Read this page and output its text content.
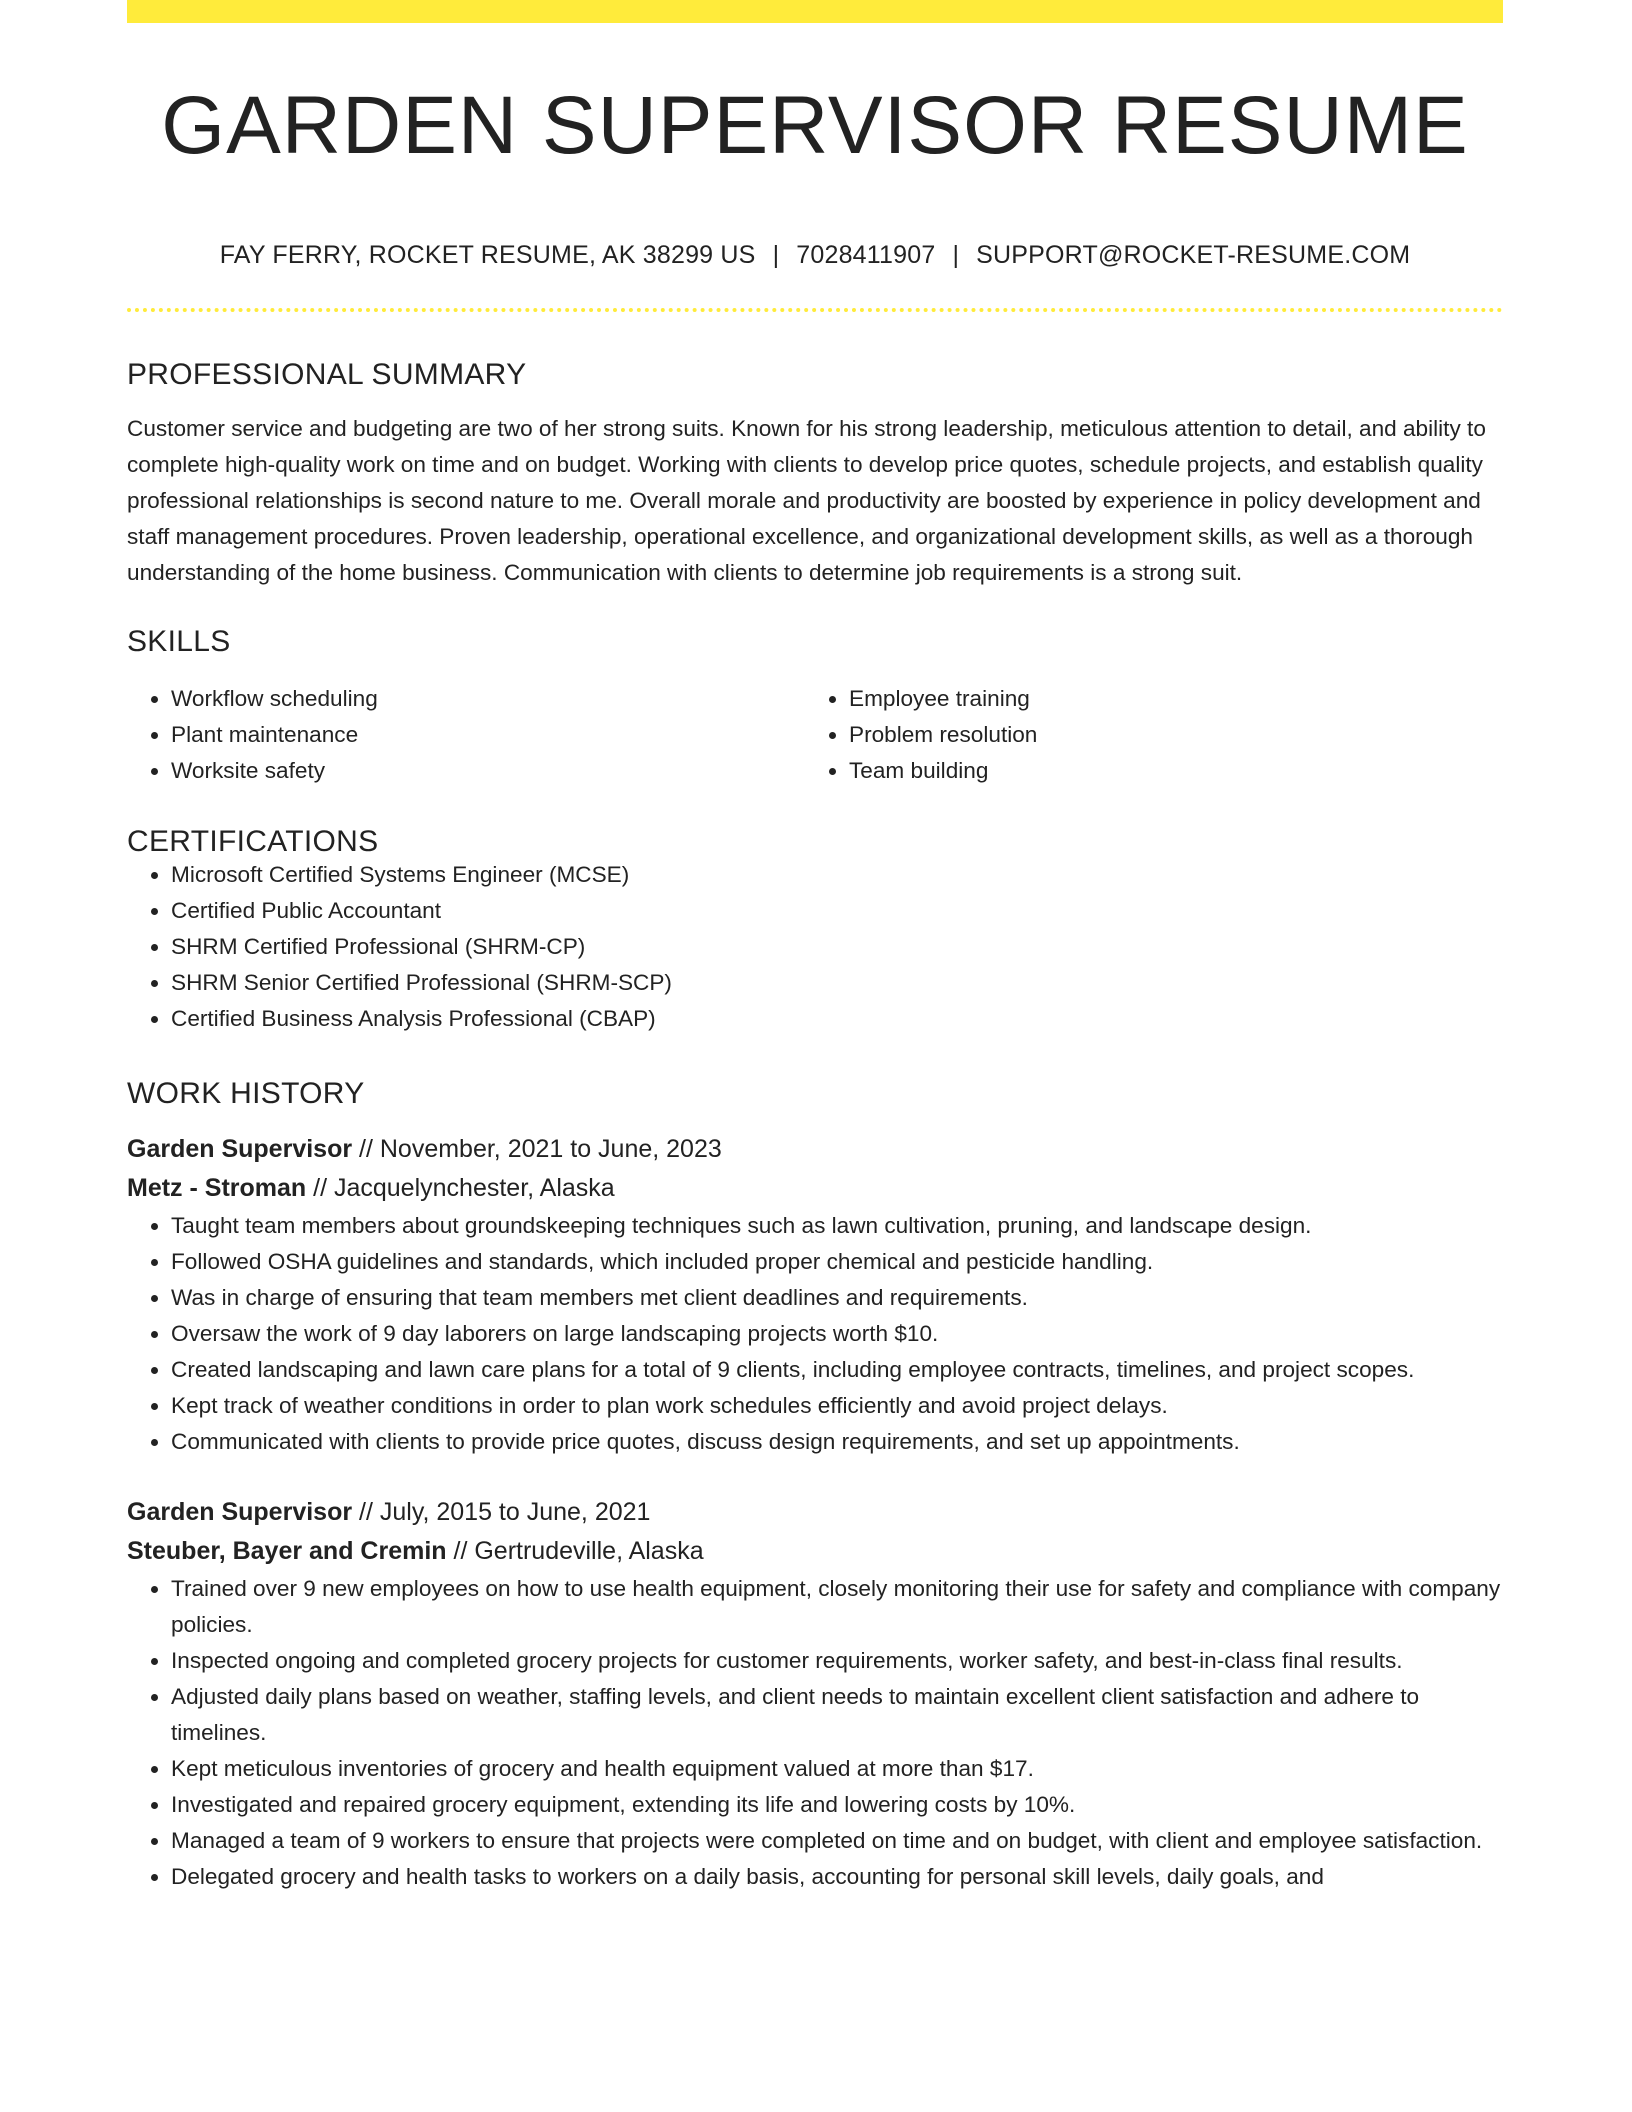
GARDEN SUPERVISOR RESUME
FAY FERRY, ROCKET RESUME, AK 38299 US | 7028411907 | SUPPORT@ROCKET-RESUME.COM
PROFESSIONAL SUMMARY

Customer service and budgeting are two of her strong suits. Known for his strong leadership, meticulous attention to detail, and ability to complete high-quality work on time and on budget. Working with clients to develop price quotes, schedule projects, and establish quality professional relationships is second nature to me. Overall morale and productivity are boosted by experience in policy development and staff management procedures. Proven leadership, operational excellence, and organizational development skills, as well as a thorough understanding of the home business. Communication with clients to determine job requirements is a strong suit.

SKILLS
• Workflow scheduling
• Plant maintenance
• Worksite safety
• Employee training
• Problem resolution
• Team building
CERTIFICATIONS
• Microsoft Certified Systems Engineer (MCSE)
• Certified Public Accountant
• SHRM Certified Professional (SHRM-CP)
• SHRM Senior Certified Professional (SHRM-SCP)
• Certified Business Analysis Professional (CBAP)
WORK HISTORY
Garden Supervisor // November, 2021 to June, 2023
Metz - Stroman // Jacquelynchester, Alaska
• Taught team members about groundskeeping techniques such as lawn cultivation, pruning, and landscape design.
• Followed OSHA guidelines and standards, which included proper chemical and pesticide handling.
• Was in charge of ensuring that team members met client deadlines and requirements.
• Oversaw the work of 9 day laborers on large landscaping projects worth $10.
• Created landscaping and lawn care plans for a total of 9 clients, including employee contracts, timelines, and project scopes.
• Kept track of weather conditions in order to plan work schedules efficiently and avoid project delays.
• Communicated with clients to provide price quotes, discuss design requirements, and set up appointments.
Garden Supervisor // July, 2015 to June, 2021
Steuber, Bayer and Cremin // Gertrudeville, Alaska
• Trained over 9 new employees on how to use health equipment, closely monitoring their use for safety and compliance with company policies.
• Inspected ongoing and completed grocery projects for customer requirements, worker safety, and best-in-class final results.
• Adjusted daily plans based on weather, staffing levels, and client needs to maintain excellent client satisfaction and adhere to timelines.
• Kept meticulous inventories of grocery and health equipment valued at more than $17.
• Investigated and repaired grocery equipment, extending its life and lowering costs by 10%.
• Managed a team of 9 workers to ensure that projects were completed on time and on budget, with client and employee satisfaction.
• Delegated grocery and health tasks to workers on a daily basis, accounting for personal skill levels, daily goals, and
